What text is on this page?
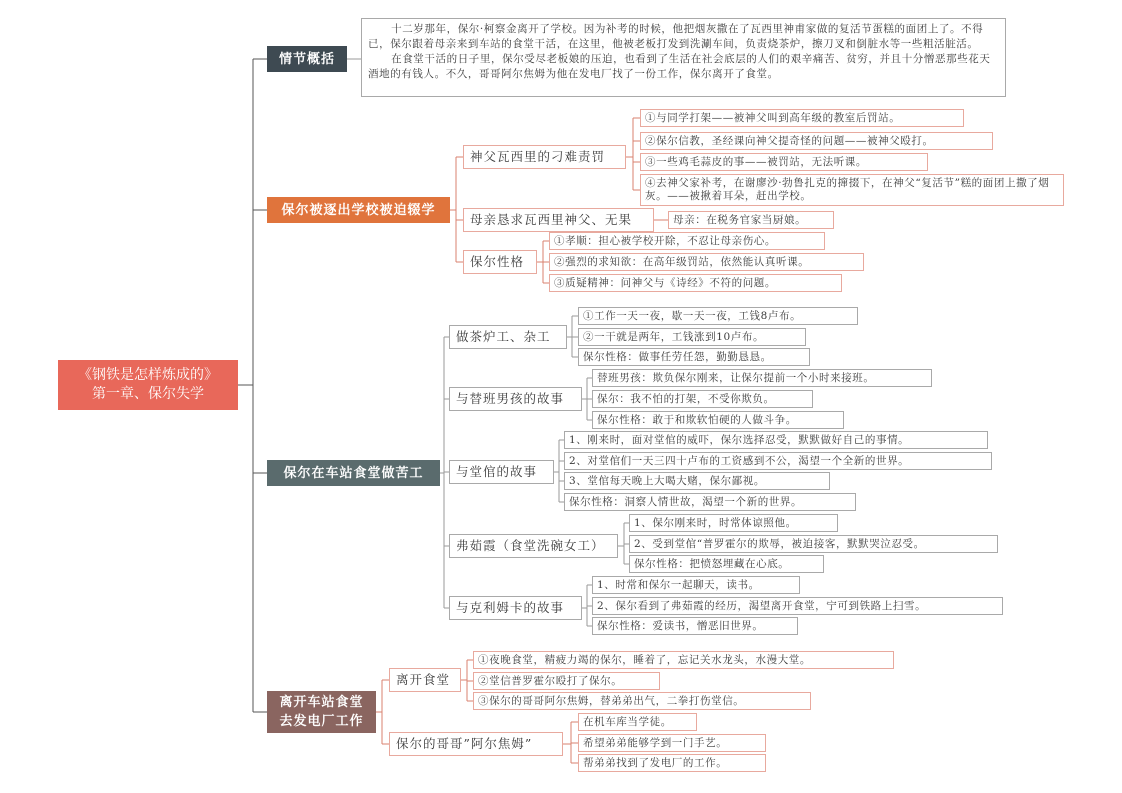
《钢铁是怎样炼成的》
第一章、保尔失学
情节概括

十二岁那年，保尔·柯察金离开了学校。因为补考的时候，他把烟灰撒在了瓦西里神甫家做的复活节蛋糕的面团上了。不得已，保尔跟着母亲来到车站的食堂干活，在这里，他被老板打发到洗涮车间，负责烧茶炉，擦刀叉和倒脏水等一些粗活脏活。

在食堂干活的日子里，保尔受尽老板娘的压迫，也看到了生活在社会底层的人们的艰辛痛苦、贫穷，并且十分憎恶那些花天酒地的有钱人。不久，哥哥阿尔焦姆为他在发电厂找了一份工作，保尔离开了食堂。

保尔被逐出学校被迫辍学
神父瓦西里的刁难责罚
①与同学打架——被神父叫到高年级的教室后罚站。
②保尔信教，圣经课向神父提奇怪的问题——被神父殴打。
③一些鸡毛蒜皮的事——被罚站，无法听课。
④去神父家补考，在谢廖沙·勃鲁扎克的撺掇下，在神父“复活节”糕的面团上撒了烟灰。——被揪着耳朵，赶出学校。
母亲恳求瓦西里神父、无果	母亲：在税务官家当厨娘。
保尔性格
①孝顺：担心被学校开除，不忍让母亲伤心。
②强烈的求知欲：在高年级罚站，依然能认真听课。
③质疑精神：问神父与《诗经》不符的问题。
保尔在车站食堂做苦工
做茶炉工、杂工
①工作一天一夜，歇一天一夜，工钱8卢布。
②一干就是两年，工钱涨到10卢布。
保尔性格：做事任劳任怨，勤勤恳恳。
与替班男孩的故事
替班男孩：欺负保尔刚来，让保尔提前一个小时来接班。
保尔：我不怕的打架，不受你欺负。
保尔性格：敢于和欺软怕硬的人做斗争。
与堂倌的故事
1、刚来时，面对堂倌的威吓，保尔选择忍受，默默做好自己的事情。
2、对堂倌们一天三四十卢布的工资感到不公，渴望一个全新的世界。
3、堂倌每天晚上大喝大赌，保尔鄙视。
保尔性格：洞察人情世故，渴望一个新的世界。
弗茹霞（食堂洗碗女工）
1、保尔刚来时，时常体谅照他。
2、受到堂倌“普罗霍尔的欺辱，被迫接客，默默哭泣忍受。
保尔性格：把愤怒埋藏在心底。
与克利姆卡的故事
1、时常和保尔一起聊天，读书。
2、保尔看到了弗茹霞的经历，渴望离开食堂，宁可到铁路上扫雪。
保尔性格：爱读书，憎恶旧世界。
离开车站食堂
去发电厂工作
离开食堂
①夜晚食堂，精疲力竭的保尔，睡着了，忘记关水龙头，水漫大堂。
②堂信普罗霍尔殴打了保尔。
③保尔的哥哥阿尔焦姆，替弟弟出气，二拳打伤堂信。
保尔的哥哥”阿尔焦姆”
在机车库当学徒。
希望弟弟能够学到一门手艺。
帮弟弟找到了发电厂的工作。
